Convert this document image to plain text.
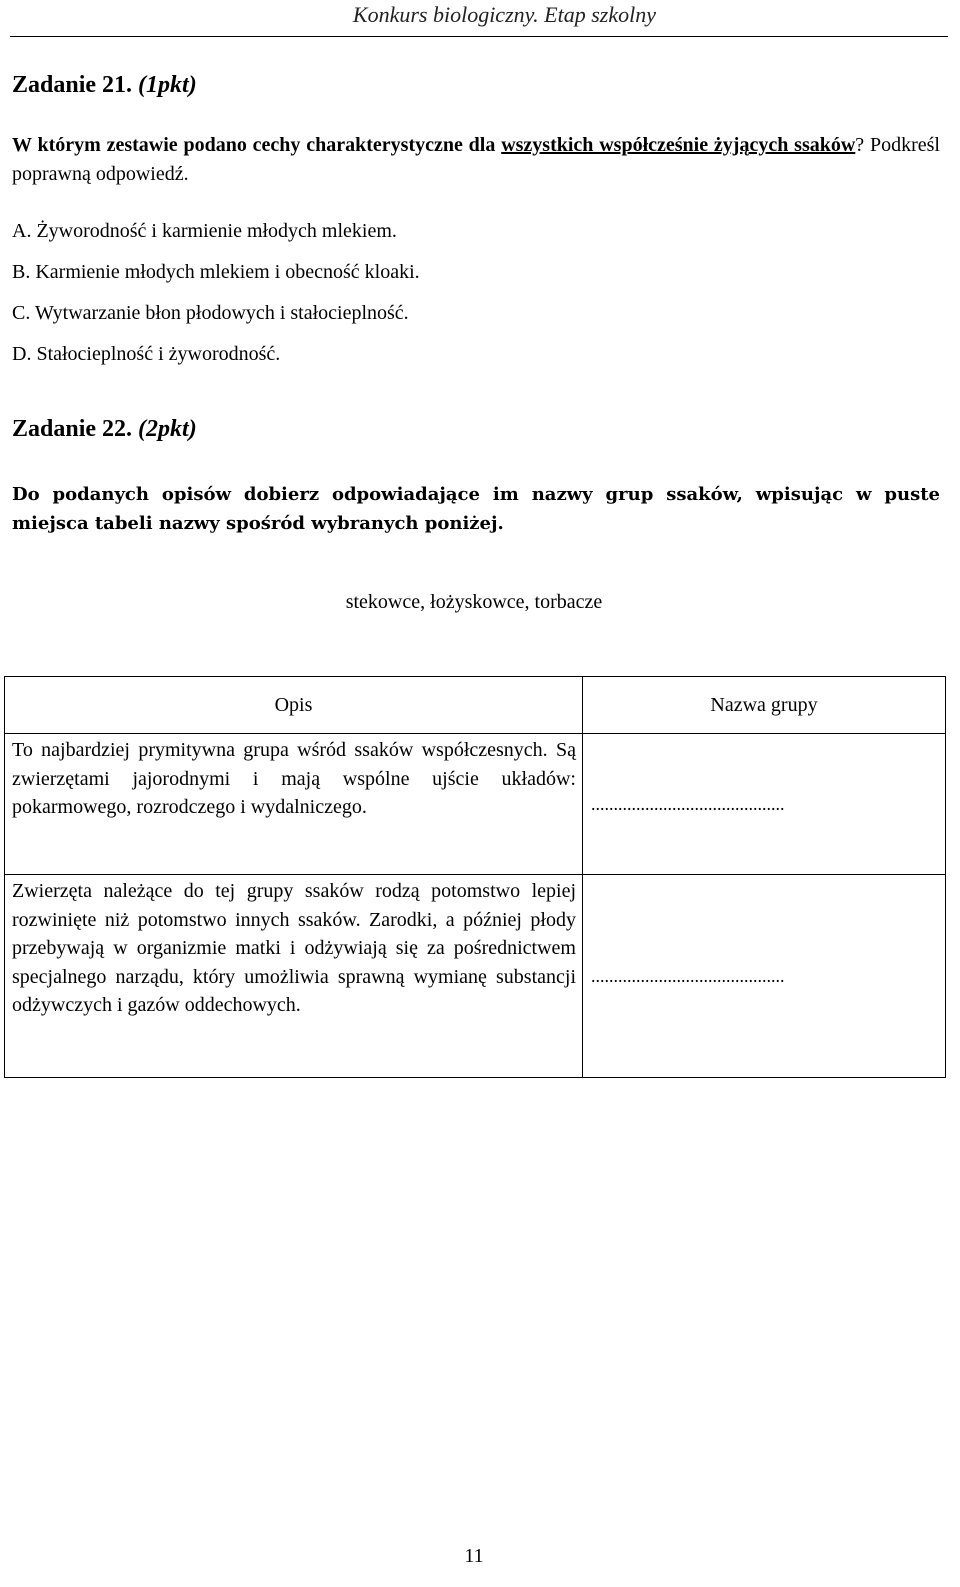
Konkurs biologiczny. Etap szkolny
Zadanie 21. (1pkt)
W którym zestawie podano cechy charakterystyczne dla wszystkich współcześnie żyjących ssaków? Podkreśl poprawną odpowiedź.
A. Żyworodność i karmienie młodych mlekiem.
B. Karmienie młodych mlekiem i obecność kloaki.
C. Wytwarzanie błon płodowych i stałocieplność.
D. Stałocieplność i żyworodność.
Zadanie 22. (2pkt)
Do podanych opisów dobierz odpowiadające im nazwy grup ssaków, wpisując w puste miejsca tabeli nazwy spośród wybranych poniżej.
stekowce, łożyskowce, torbacze
Opis	Nazwa grupy
To najbardziej prymitywna grupa wśród ssaków współczesnych. Są zwierzętami jajorodnymi i mają wspólne ujście układów: pokarmowego, rozrodczego i wydalniczego.	...........................................
Zwierzęta należące do tej grupy ssaków rodzą potomstwo lepiej rozwinięte niż potomstwo innych ssaków. Zarodki, a później płody przebywają w organizmie matki i odżywiają się za pośrednictwem specjalnego narządu, który umożliwia sprawną wymianę substancji odżywczych i gazów oddechowych.	...........................................
11
